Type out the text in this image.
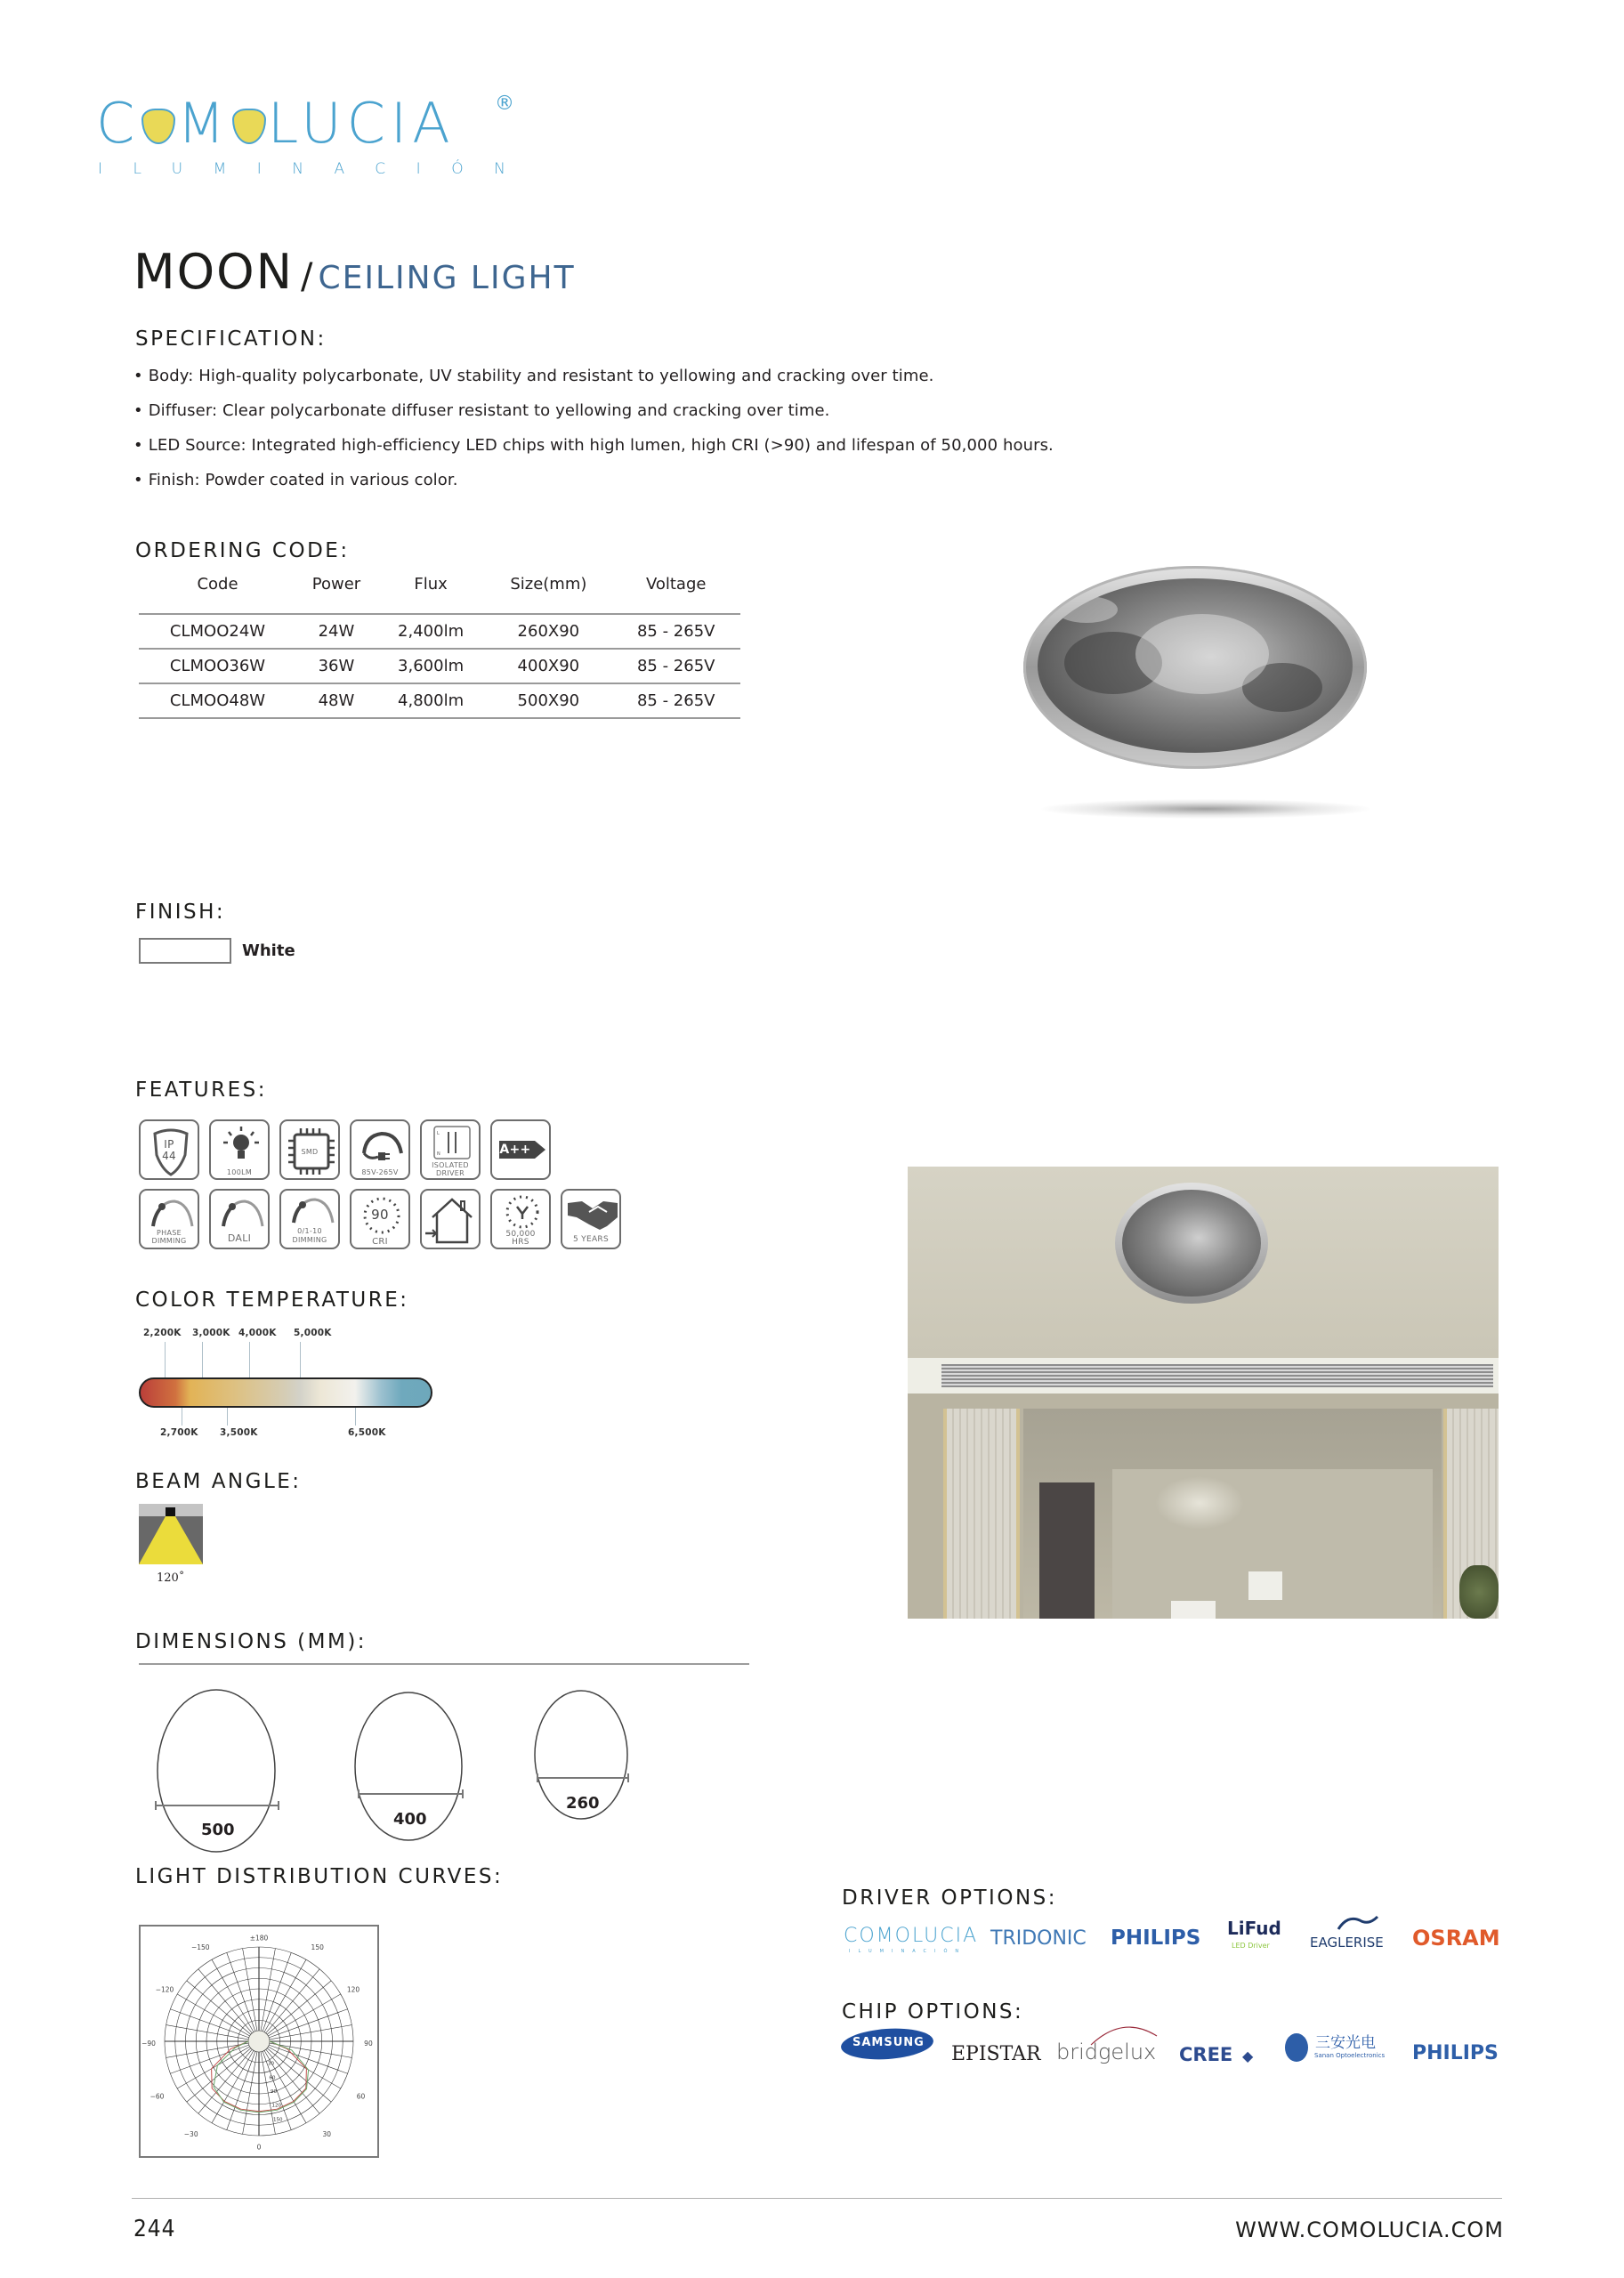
C M LUCIA ®
ILUMINACIÓN
MOON / CEILING LIGHT
SPECIFICATION:
• Body: High-quality polycarbonate, UV stability and resistant to yellowing and cracking over time.
• Diffuser: Clear polycarbonate diffuser resistant to yellowing and cracking over time.
• LED Source: Integrated high-efficiency LED chips with high lumen, high CRI (>90) and lifespan of 50,000 hours.
• Finish: Powder coated in various color.
ORDERING CODE:
Code	Power	Flux	Size(mm)	Voltage
CLMOO24W	24W	2,400lm	260X90	85 - 265V
CLMOO36W	36W	3,600lm	400X90	85 - 265V
CLMOO48W	48W	4,800lm	500X90	85 - 265V
FINISH:
White
FEATURES:
IP
44
100LM
SMD
85V-265V
L
N
ISOLATED
DRIVER
A++
PHASE
DIMMING	DALI
0/1-10
DIMMING
90
CRI
50,000
HRS	5 YEARS
COLOR TEMPERATURE:
2,200K 3,000K 4,000K 5,000K
2,700K 3,500K	6,500K
BEAM ANGLE:
120˚
DIMENSIONS (MM):
500
400
260
LIGHT DISTRIBUTION CURVES:
±180
−150	150
−120	120
−90	90
−60	60
−30	30
0
30
60
90
120
150
DRIVER OPTIONS:
COMOLUCIA
ILUMINACIÓN
TRIDONIC PHILIPS LiFud
LED Driver	EAGLERISE OSRAM
CHIP OPTIONS:
SAMSUNG
EPISTAR bridgelux CREE ◆
三安光电
Sanan Optoelectronics PHILIPS
244	WWW.COMOLUCIA.COM
